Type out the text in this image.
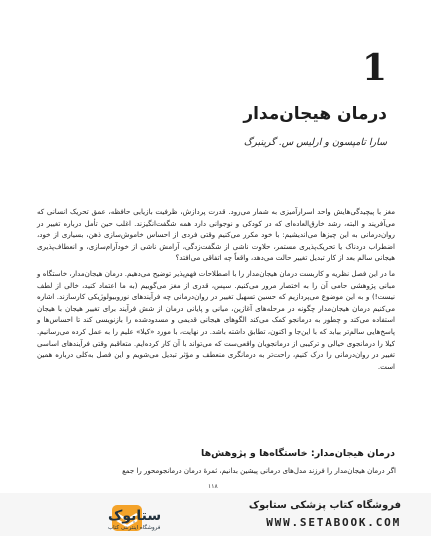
1
درمان هیجان‌مدار
سارا تامپسون و ارلیس س. گرینبرگ

مغز با پیچیدگی‌هایش واحد اسرارآمیزی به شمار می‌رود. قدرت پردازش، ظرفیت بازیابی حافظه، عمق تحریک انسانی که می‌آفریند و البته، رشد خارق‌العاده‌ای که در کودکی و نوجوانی دارد همه شگفت‌انگیزند. اغلب حین تأمل درباره تغییر در روان‌درمانی به این چیزها می‌اندیشیم: با خود مکرر می‌کنیم وقتی فردی از احساس خاموش‌سازی ذهن، بسیاری از خود، اضطراب دردناک یا تحریک‌پذیری مستمر، حلاوت ناشی از شگفت‌زدگی، آرامش ناشی از خودآرام‌سازی، و انعطاف‌پذیری هیجانی سالم بعد از کار تبدیل تغییر حالت می‌دهد، واقعاً چه اتفاقی می‌افتد؟

ما در این فصل نظریه و کاربست درمان هیجان‌مدار را با اصطلاحات فهم‌پذیر توضیح می‌دهیم. درمان هیجان‌مدار، خاستگاه و مبانی پژوهشی حامی آن را به اختصار مرور می‌کنیم. سپس، قدری از مغز می‌گوییم (به ما اعتماد کنید، خالی از لطف نیست!) و به این موضوع می‌پردازیم که حسین تسهیل تغییر در روان‌درمانی چه فرآیندهای نوروبیولوژیکی کارسازند. اشاره می‌کنیم درمان هیجان‌مدار چگونه در مرحله‌های آغازین، میانی و پایانی درمان از شش فرآیند برای تغییر هیجان با هیجان استفاده می‌کند و چطور به درمانجو کمک می‌کند الگوهای هیجانی قدیمی و مسدودشده را بازنویسی کند تا احساس‌ها و پاسخ‌هایی سالم‌تر بیابد که با این‌جا و اکنون، تطابق داشته باشد. در نهایت، با مورد «کیلا» علیم را به عمل کرده می‌رسانیم. کیلا را درمانجوی خیالی و ترکیبی از درمانجویان واقعی‌ست که می‌تواند با آن کار کرده‌ایم. متعاقبم وقتی فرآیندهای اساسی تغییر در روان‌درمانی را درک کنیم، راحت‌تر به درمانگری منعطف و مؤثر تبدیل می‌شویم و این فصل به‌کلی درباره همین است.

درمان هیجان‌مدار: خاستگاه‌ها و پژوهش‌ها
اگر درمان هیجان‌مدار را فرزند مدل‌های درمانی پیشین بدانیم، ثمرهٔ درمان درمانجومحور را جمع‌
۱۱۸
ستابوک
فروشگاه اینترنتی کتاب
فروشگاه کتاب پزشکی ستابوک
WWW.SETABOOK.COM
